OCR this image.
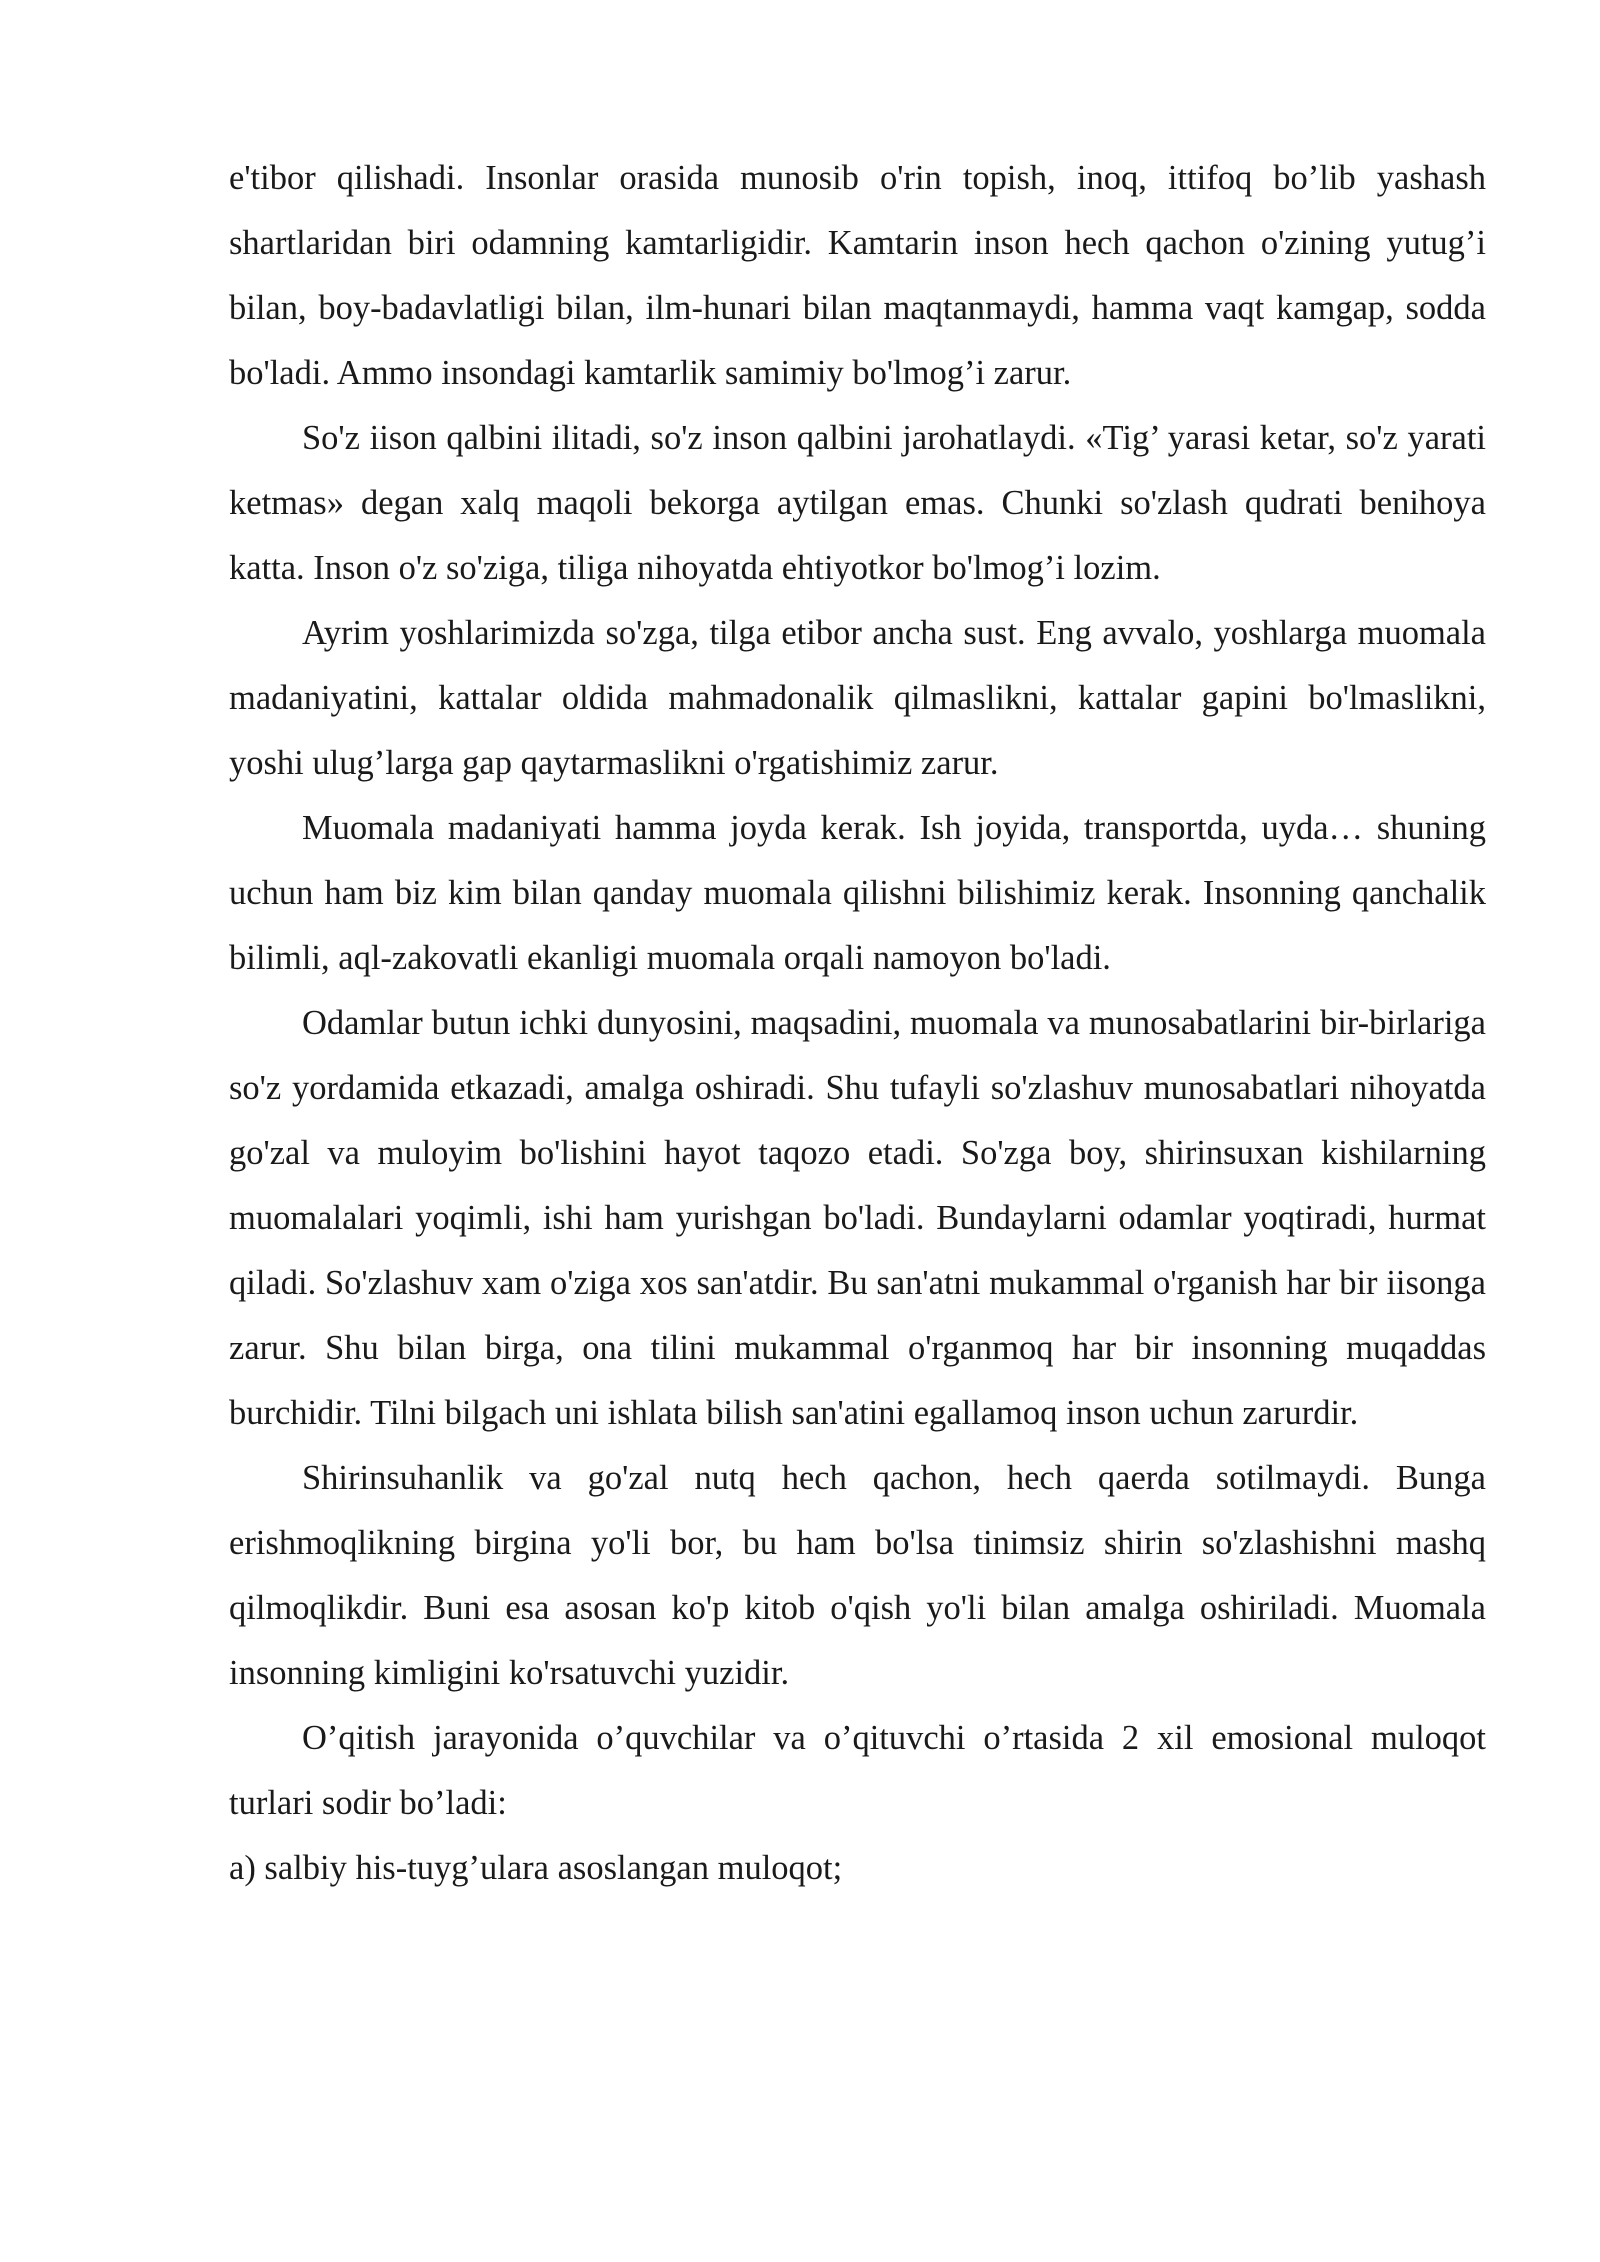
e'tibor qilishadi. Insonlar orasida munosib o'rin topish, inoq, ittifoq bo’lib yashash shartlaridan biri odamning kamtarligidir. Kamtarin inson hech qachon o'zining yutug’i bilan, boy-badavlatligi bilan, ilm-hunari bilan maqtanmaydi, hamma vaqt kamgap, sodda bo'ladi. Ammo insondagi kamtarlik samimiy bo'lmog’i zarur.

So'z iison qalbini ilitadi, so'z inson qalbini jarohatlaydi. «Tig’ yarasi ketar, so'z yarati ketmas» degan xalq maqoli bekorga aytilgan emas. Chunki so'zlash qudrati benihoya katta. Inson o'z so'ziga, tiliga nihoyatda ehtiyotkor bo'lmog’i lozim.

Ayrim yoshlarimizda so'zga, tilga etibor ancha sust. Eng avvalo, yoshlarga muomala madaniyatini, kattalar oldida mahmadonalik qilmaslikni, kattalar gapini bo'lmaslikni, yoshi ulug’larga gap qaytarmaslikni o'rgatishimiz zarur.

Muomala madaniyati hamma joyda kerak. Ish joyida, transportda, uyda… shuning uchun ham biz kim bilan qanday muomala qilishni bilishimiz kerak. Insonning qanchalik bilimli, aql-zakovatli ekanligi muomala orqali namoyon bo'ladi.

Odamlar butun ichki dunyosini, maqsadini, muomala va munosabatlarini bir-birlariga so'z yordamida etkazadi, amalga oshiradi. Shu tufayli so'zlashuv munosabatlari nihoyatda go'zal va muloyim bo'lishini hayot taqozo etadi. So'zga boy, shirinsuxan kishilarning muomalalari yoqimli, ishi ham yurishgan bo'ladi. Bundaylarni odamlar yoqtiradi, hurmat qiladi. So'zlashuv xam o'ziga xos san'atdir. Bu san'atni mukammal o'rganish har bir iisonga zarur. Shu bilan birga, ona tilini mukammal o'rganmoq har bir insonning muqaddas burchidir. Tilni bilgach uni ishlata bilish san'atini egallamoq inson uchun zarurdir.

Shirinsuhanlik va go'zal nutq hech qachon, hech qaerda sotilmaydi. Bunga erishmoqlikning birgina yo'li bor, bu ham bo'lsa tinimsiz shirin so'zlashishni mashq qilmoqlikdir. Buni esa asosan ko'p kitob o'qish yo'li bilan amalga oshiriladi. Muomala insonning kimligini ko'rsatuvchi yuzidir.

O’qitish jarayonida o’quvchilar va o’qituvchi o’rtasida 2 xil emosional muloqot turlari sodir bo’ladi:

a) salbiy his-tuyg’ulara asoslangan muloqot;
